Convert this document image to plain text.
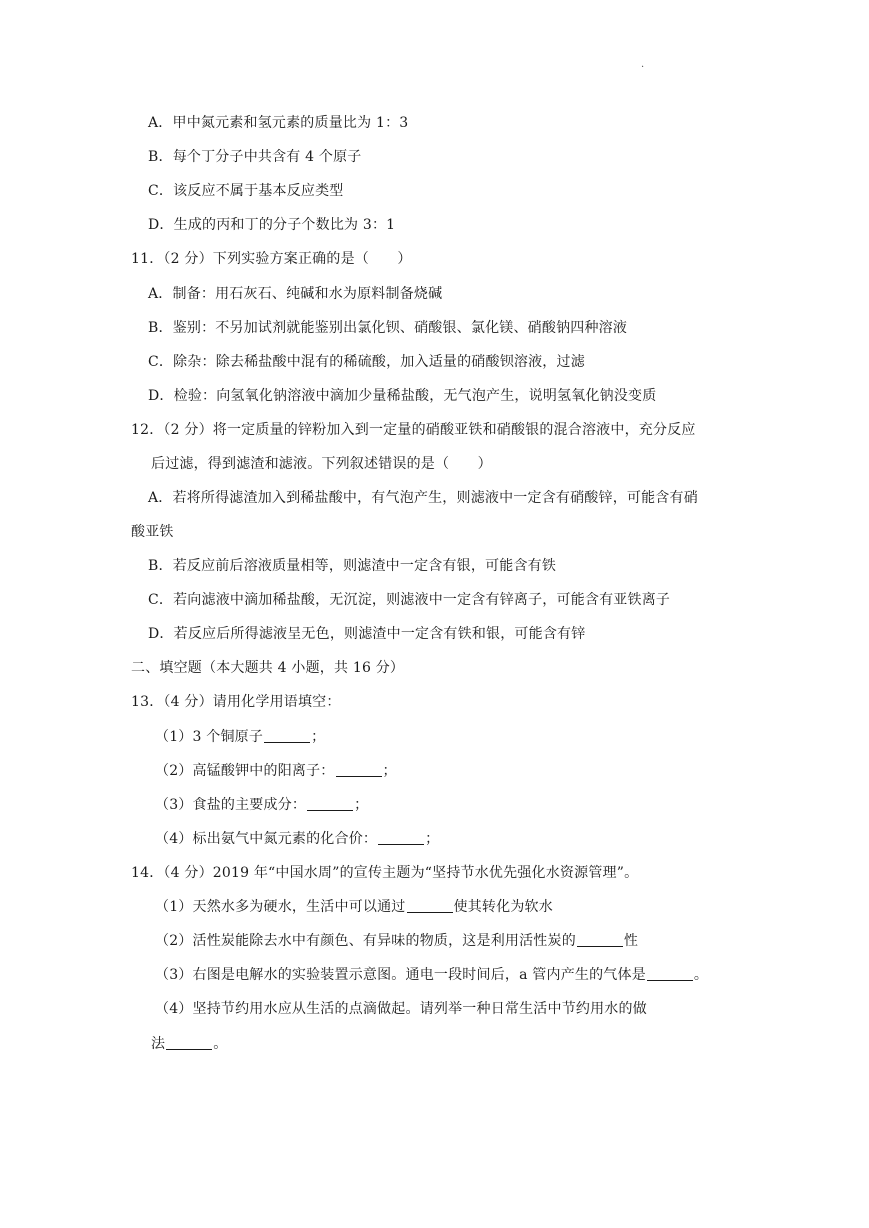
·
A．甲中氮元素和氢元素的质量比为 1：3
B．每个丁分子中共含有 4 个原子
C．该反应不属于基本反应类型
D．生成的丙和丁的分子个数比为 3：1
11．（2 分）下列实验方案正确的是（　　）
A．制备：用石灰石、纯碱和水为原料制备烧碱
B．鉴别：不另加试剂就能鉴别出氯化钡、硝酸银、氯化镁、硝酸钠四种溶液
C．除杂：除去稀盐酸中混有的稀硫酸，加入适量的硝酸钡溶液，过滤
D．检验：向氢氧化钠溶液中滴加少量稀盐酸，无气泡产生，说明氢氧化钠没变质
12．（2 分）将一定质量的锌粉加入到一定量的硝酸亚铁和硝酸银的混合溶液中，充分反应
后过滤，得到滤渣和滤液。下列叙述错误的是（　　）
A．若将所得滤渣加入到稀盐酸中，有气泡产生，则滤液中一定含有硝酸锌，可能含有硝
酸亚铁
B．若反应前后溶液质量相等，则滤渣中一定含有银，可能含有铁
C．若向滤液中滴加稀盐酸，无沉淀，则滤液中一定含有锌离子，可能含有亚铁离子
D．若反应后所得滤液呈无色，则滤渣中一定含有铁和银，可能含有锌
二、填空题（本大题共 4 小题，共 16 分）
13．（4 分）请用化学用语填空：
（1）3 个铜原子	；
（2）高锰酸钾中的阳离子：	；
（3）食盐的主要成分：	；
（4）标出氨气中氮元素的化合价：	；
14．（4 分）2019 年“中国水周”的宣传主题为“坚持节水优先强化水资源管理”。
（1）天然水多为硬水，生活中可以通过	使其转化为软水
（2）活性炭能除去水中有颜色、有异味的物质，这是利用活性炭的	性
（3）右图是电解水的实验装置示意图。通电一段时间后，a 管内产生的气体是	。
（4）坚持节约用水应从生活的点滴做起。请列举一种日常生活中节约用水的做
法	。
